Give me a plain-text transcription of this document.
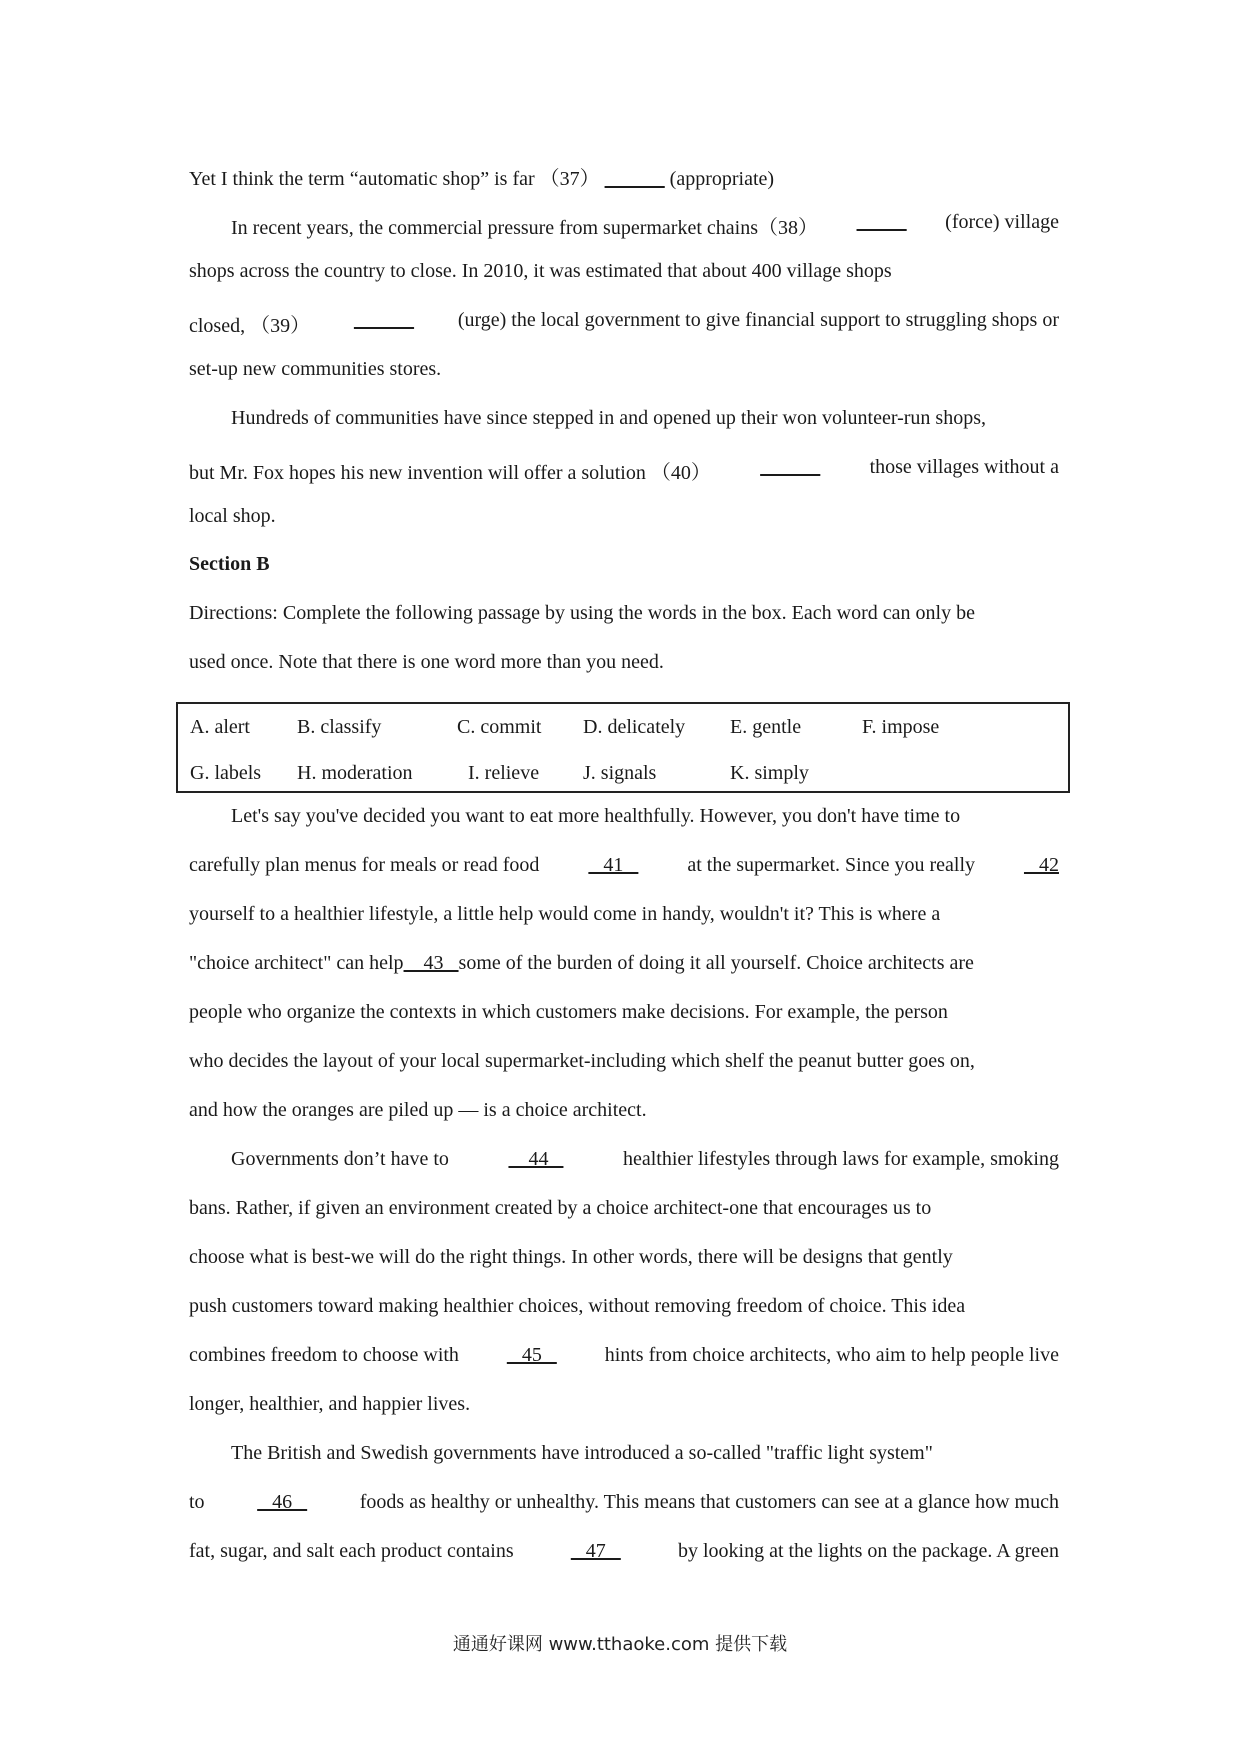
Yet I think the term “automatic shop” is far （37） ______ (appropriate)
In recent years, the commercial pressure from supermarket chains（38） _____ (force) village
shops across the country to close. In 2010, it was estimated that about 400 village shops
closed, （39） ______ (urge) the local government to give financial support to struggling shops or
set-up new communities stores.
Hundreds of communities have since stepped in and opened up their won volunteer-run shops,
but Mr. Fox hopes his new invention will offer a solution （40） ______ those villages without a
local shop.
Section B
Directions: Complete the following passage by using the words in the box. Each word can only be
used once. Note that there is one word more than you need.
A. alert B. classify	C. commit D. delicately E. gentle	F. impose
G. labels H. moderation	I. relieve J. signals	K. simply
Let's say you've decided you want to eat more healthfully. However, you don't have time to
carefully plan menus for meals or read food 41 at the supermarket. Since you really 42
yourself to a healthier lifestyle, a little help would come in handy, wouldn't it? This is where a
"choice architect" can help    43   some of the burden of doing it all yourself. Choice architects are
people who organize the contexts in which customers make decisions. For example, the person
who decides the layout of your local supermarket-including which shelf the peanut butter goes on,
and how the oranges are piled up — is a choice architect.
Governments don’t have to	44	healthier lifestyles through laws for example, smoking
bans. Rather, if given an environment created by a choice architect-one that encourages us to
choose what is best-we will do the right things. In other words, there will be designs that gently
push customers toward making healthier choices, without removing freedom of choice. This idea
combines freedom to choose with 45 hints from choice architects, who aim to help people live
longer, healthier, and happier lives.
The British and Swedish governments have introduced a so-called "traffic light system"
to	46	foods as healthy or unhealthy. This means that customers can see at a glance how much
fat, sugar, and salt each product contains	47	by looking at the lights on the package. A green
通通好课网 www.tthaoke.com 提供下载
